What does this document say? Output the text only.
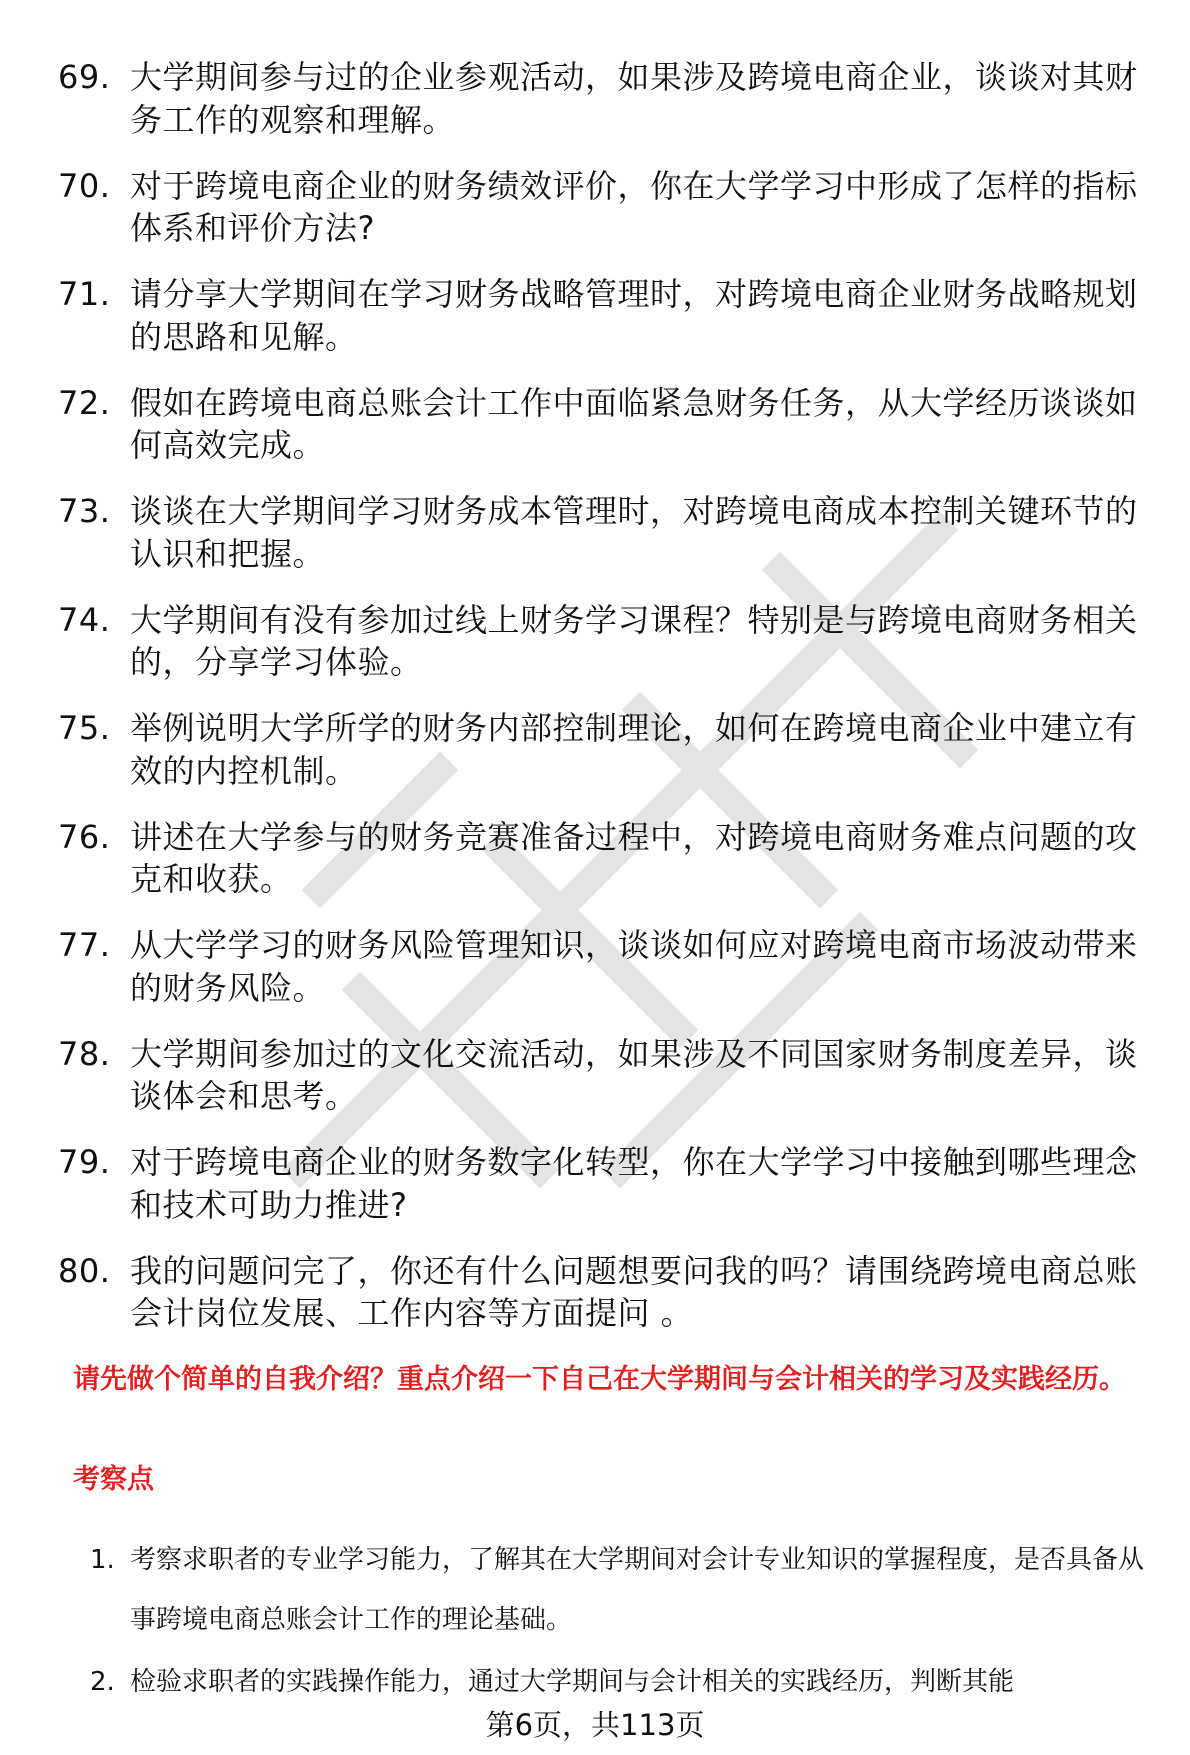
69. 大学期间参与过的企业参观活动，如果涉及跨境电商企业，谈谈对其财务工作的观察和理解。
70. 对于跨境电商企业的财务绩效评价，你在大学学习中形成了怎样的指标体系和评价方法?
71. 请分享大学期间在学习财务战略管理时，对跨境电商企业财务战略规划的思路和见解。
72. 假如在跨境电商总账会计工作中面临紧急财务任务，从大学经历谈谈如何高效完成。
73. 谈谈在大学期间学习财务成本管理时，对跨境电商成本控制关键环节的认识和把握。
74. 大学期间有没有参加过线上财务学习课程？特别是与跨境电商财务相关的，分享学习体验。
75. 举例说明大学所学的财务内部控制理论，如何在跨境电商企业中建立有效的内控机制。
76. 讲述在大学参与的财务竞赛准备过程中，对跨境电商财务难点问题的攻克和收获。
77. 从大学学习的财务风险管理知识，谈谈如何应对跨境电商市场波动带来的财务风险。
78. 大学期间参加过的文化交流活动，如果涉及不同国家财务制度差异，谈谈体会和思考。
79. 对于跨境电商企业的财务数字化转型，你在大学学习中接触到哪些理念和技术可助力推进?
80. 我的问题问完了，你还有什么问题想要问我的吗？请围绕跨境电商总账会计岗位发展、工作内容等方面提问 。
请先做个简单的自我介绍？重点介绍一下自己在大学期间与会计相关的学习及实践经历。
考察点
1. 考察求职者的专业学习能力，了解其在大学期间对会计专业知识的掌握程度，是否具备从事跨境电商总账会计工作的理论基础。
2. 检验求职者的实践操作能力，通过大学期间与会计相关的实践经历，判断其能
第6页，共113页
